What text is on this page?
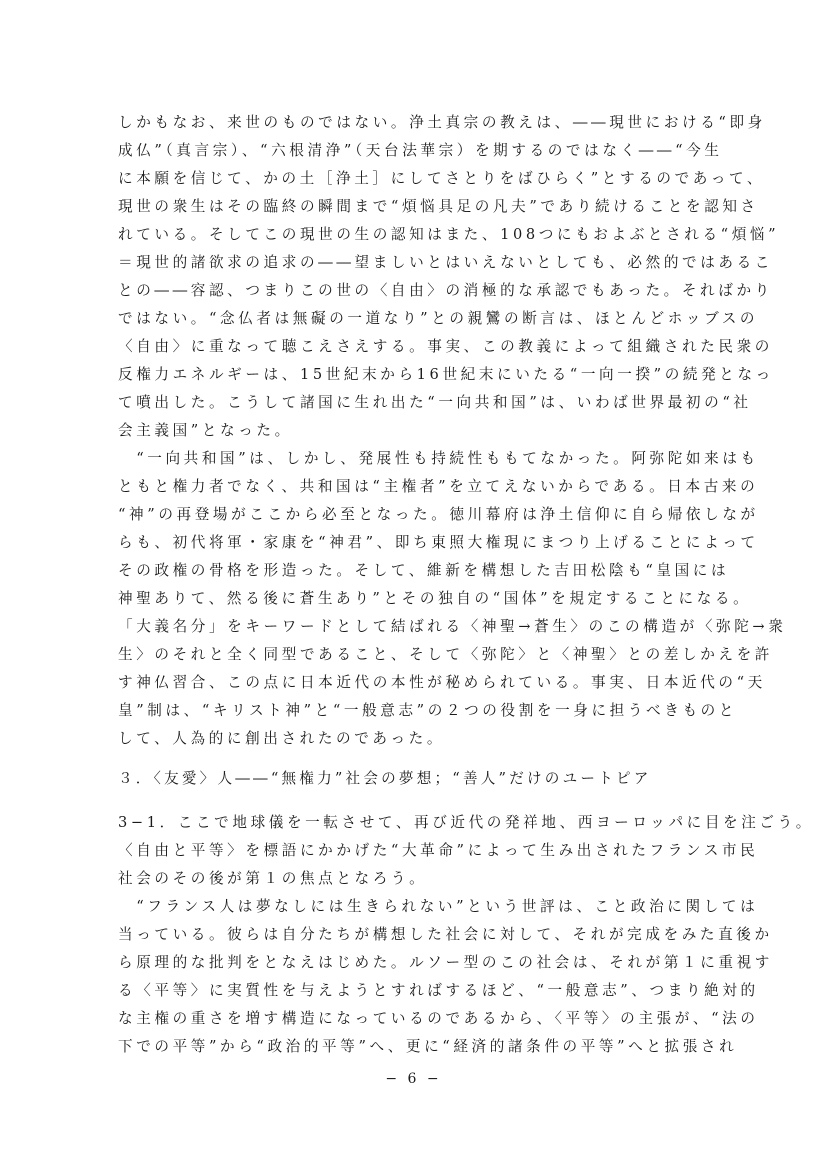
しかもなお、来世のものではない。浄土真宗の教えは、――現世における“即身
成仏”（真言宗）、“六根清浄”（天台法華宗）を期するのではなく――“今生
に本願を信じて、かの土［浄土］にしてさとりをばひらく”とするのであって、
現世の衆生はその臨終の瞬間まで“煩悩具足の凡夫”であり続けることを認知さ
れている。そしてこの現世の生の認知はまた、108つにもおよぶとされる“煩悩”
＝現世的諸欲求の追求の――望ましいとはいえないとしても、必然的ではあるこ
との――容認、つまりこの世の〈自由〉の消極的な承認でもあった。そればかり
ではない。“念仏者は無礙の一道なり”との親鸞の断言は、ほとんどホッブスの
〈自由〉に重なって聴こえさえする。事実、この教義によって組織された民衆の
反権力エネルギーは、15世紀末から16世紀末にいたる“一向一揆”の続発となっ
て噴出した。こうして諸国に生れ出た“一向共和国”は、いわば世界最初の“社
会主義国”となった。
　“一向共和国”は、しかし、発展性も持続性ももてなかった。阿弥陀如来はも
ともと権力者でなく、共和国は“主権者”を立てえないからである。日本古来の
“神”の再登場がここから必至となった。徳川幕府は浄土信仰に自ら帰依しなが
らも、初代将軍・家康を“神君”、即ち東照大権現にまつり上げることによって
その政権の骨格を形造った。そして、維新を構想した吉田松陰も“皇国には
神聖ありて、然る後に蒼生あり”とその独自の“国体”を規定することになる。
「大義名分」をキーワードとして結ばれる〈神聖→蒼生〉のこの構造が〈弥陀→衆
生〉のそれと全く同型であること、そして〈弥陀〉と〈神聖〉との差しかえを許
す神仏習合、この点に日本近代の本性が秘められている。事実、日本近代の“天
皇”制は、“キリスト神”と“一般意志”の２つの役割を一身に担うべきものと
して、人為的に創出されたのであった。
３．〈友愛〉人――“無権力”社会の夢想；“善人”だけのユートピア
3−1．ここで地球儀を一転させて、再び近代の発祥地、西ヨーロッパに目を注ごう。
〈自由と平等〉を標語にかかげた“大革命”によって生み出されたフランス市民
社会のその後が第１の焦点となろう。
　“フランス人は夢なしには生きられない”という世評は、こと政治に関しては
当っている。彼らは自分たちが構想した社会に対して、それが完成をみた直後か
ら原理的な批判をとなえはじめた。ルソー型のこの社会は、それが第１に重視す
る〈平等〉に実質性を与えようとすればするほど、“一般意志”、つまり絶対的
な主権の重さを増す構造になっているのであるから、〈平等〉の主張が、“法の
下での平等”から“政治的平等”へ、更に“経済的諸条件の平等”へと拡張され
− 6 −
